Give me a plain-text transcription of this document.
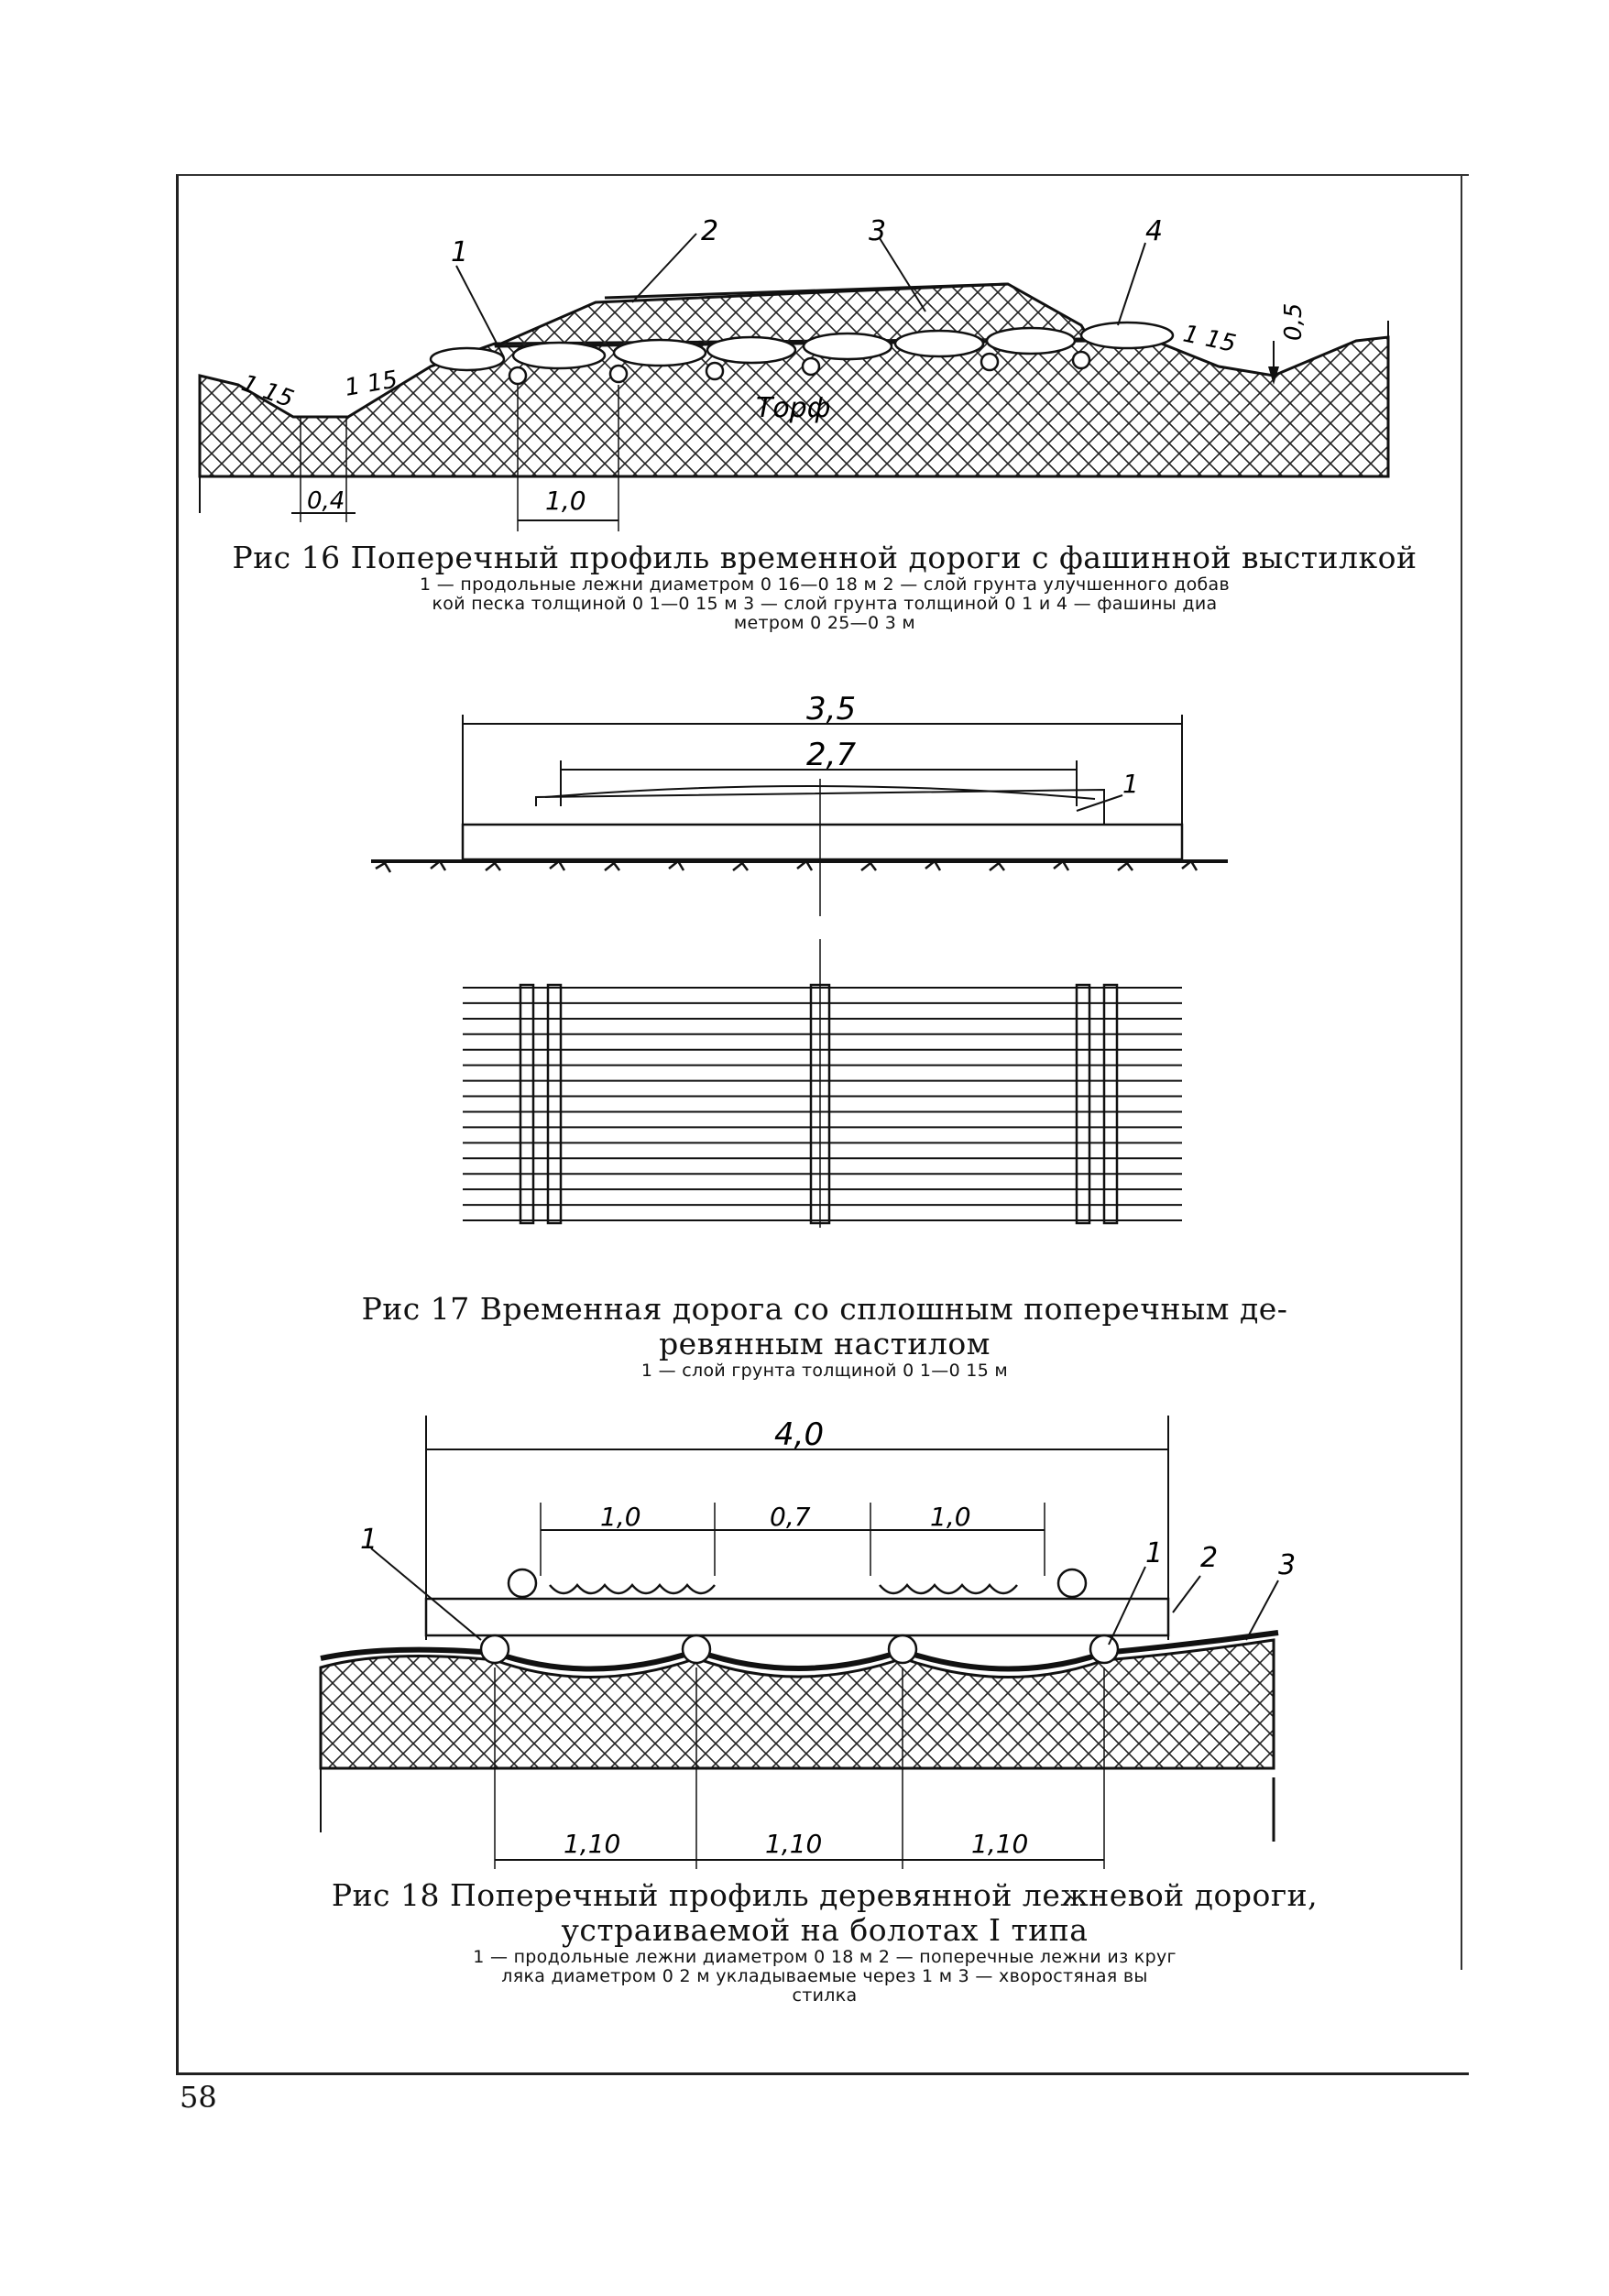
0,4	1,0
0,5
1 15 1 15
1 15
Торф
1
2	3	4
3,5
2,7
1
4,0
1,0	0,7	1,0
1,10	1,10	1,10
1	1 2 3
Рис 16 Поперечный профиль временной дороги с фашинной выстилкой
1 — продольные лежни диаметром 0 16—0 18 м 2 — слой грунта улучшенного добав
кой песка толщиной 0 1—0 15 м 3 — слой грунта толщиной 0 1 и 4 — фашины диа
метром 0 25—0 3 м
Рис 17 Временная дорога со сплошным поперечным де-
ревянным настилом
1 — слой грунта толщиной 0 1—0 15 м
Рис 18 Поперечный профиль деревянной лежневой дороги,
устраиваемой на болотах I типа
1 — продольные лежни диаметром 0 18 м 2 — поперечные лежни из круг
ляка диаметром 0 2 м укладываемые через 1 м 3 — хворостяная вы
стилка
58
